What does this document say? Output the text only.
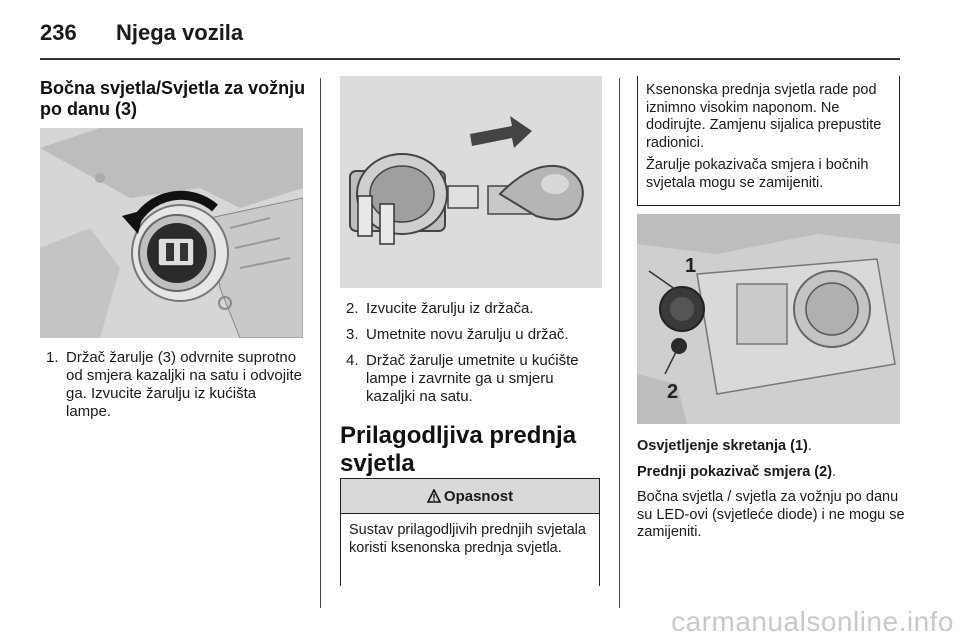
236 Njega vozila
Bočna svjetla/Svjetla za vožnju po danu (3)
1. Držač žarulje (3) odvrnite suprotno od smjera kazaljki na satu i odvojite ga. Izvucite žarulju iz kućišta lampe.
2. Izvucite žarulju iz držača.
3. Umetnite novu žarulju u držač.
4. Držač žarulje umetnite u kućište lampe i zavrnite ga u smjeru kazaljki na satu.
Prilagodljiva prednja svjetla
Opasnost
Sustav prilagodljivih prednjih svjetala koristi ksenonska prednja svjetla.

Ksenonska prednja svjetla rade pod iznimno visokim naponom. Ne dodirujte. Zamjenu sijalica prepustite radionici.

Žarulje pokazivača smjera i bočnih svjetala mogu se zamijeniti.

1
2

Osvjetljenje skretanja (1).

Prednji pokazivač smjera (2).

Bočna svjetla / svjetla za vožnju po danu su LED-ovi (svjetleće diode) i ne mogu se zamijeniti.

carmanualsonline.info
